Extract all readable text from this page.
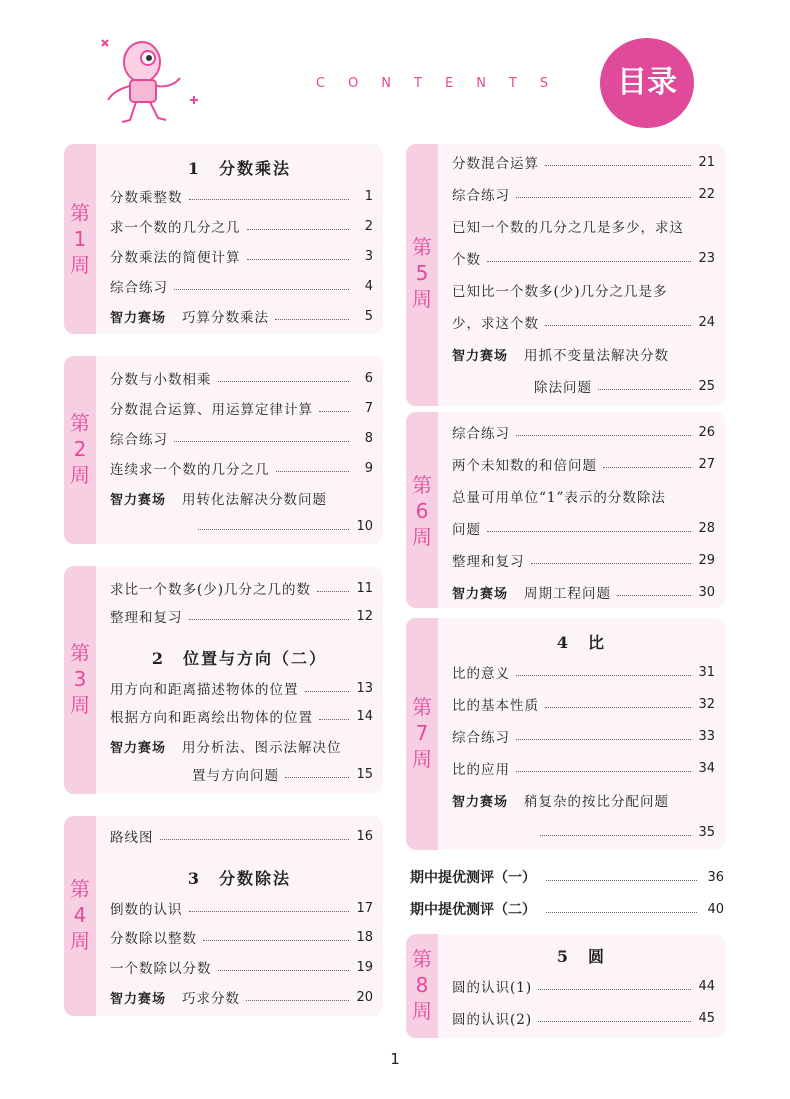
CONTENTS	目录
第
1
周
1　分数乘法
分数乘整数	1
求一个数的几分之几	2
分数乘法的简便计算	3
综合练习	4
智力赛场 巧算分数乘法	5
第
2
周
分数与小数相乘	6
分数混合运算、用运算定律计算	7
综合练习	8
连续求一个数的几分之几	9
智力赛场 用转化法解决分数问题
10
第
3
周
求比一个数多(少)几分之几的数	11
整理和复习	12
2　位置与方向（二）
用方向和距离描述物体的位置	13
根据方向和距离绘出物体的位置	14
智力赛场 用分析法、图示法解决位
置与方向问题	15
第
4
周
路线图	16
3　分数除法
倒数的认识	17
分数除以整数	18
一个数除以分数	19
智力赛场 巧求分数	20
第
5
周
分数混合运算	21
综合练习	22
已知一个数的几分之几是多少，求这
个数	23
已知比一个数多(少)几分之几是多
少，求这个数	24
智力赛场 用抓不变量法解决分数
除法问题	25
第
6
周
综合练习	26
两个未知数的和倍问题	27
总量可用单位“1”表示的分数除法
问题	28
整理和复习	29
智力赛场 周期工程问题	30
第
7
周
4　比
比的意义	31
比的基本性质	32
综合练习	33
比的应用	34
智力赛场 稍复杂的按比分配问题
35
期中提优测评（一）	36
期中提优测评（二）	40
第
8
周
5　圆
圆的认识(1)	44
圆的认识(2)	45
1
